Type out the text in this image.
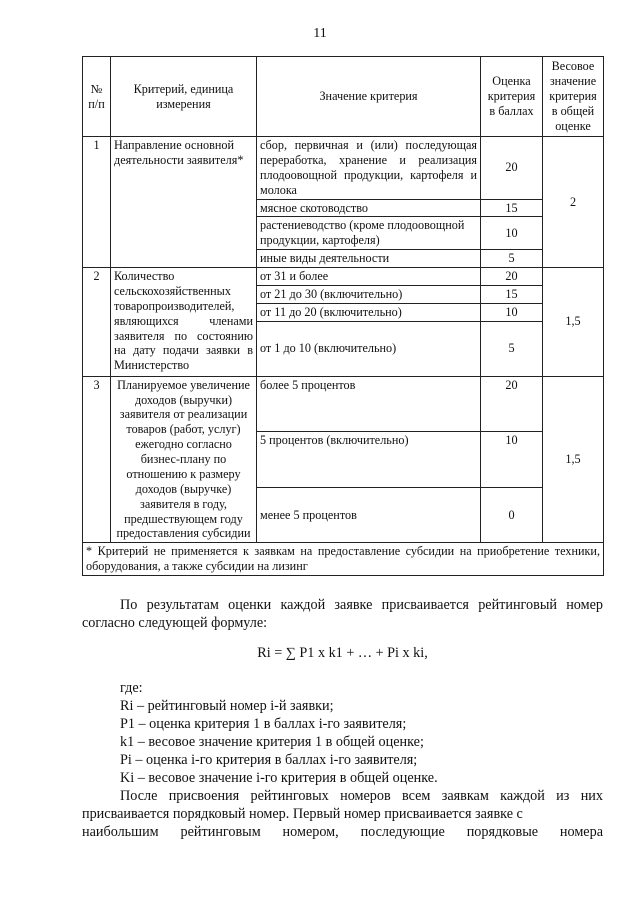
11
№ п/п	Критерий, единица измерения	Значение критерия	Оценка критерия в баллах	Весовое значение критерия в общей оценке
1	Направление основной деятельности заявителя*	сбор, первичная и (или) последующая переработка, хранение и реализация плодоовощной продукции, картофеля и молока	20	2
		мясное скотоводство	15	
		растениеводство (кроме плодоовощной продукции, картофеля)	10	
		иные виды деятельности	5	
2	Количество сельскохозяйственных товаропроизводителей, являющихся членами заявителя по состоянию на дату подачи заявки в Министерство	от 31 и более	20	1,5
		от 21 до 30 (включительно)	15	
		от 11 до 20 (включительно)	10	
		от 1 до 10 (включительно)	5	
3	Планируемое увеличение доходов (выручки) заявителя от реализации товаров (работ, услуг) ежегодно согласно бизнес-плану по отношению к размеру доходов (выручке) заявителя в году, предшествующем году предоставления субсидии	более 5 процентов	20	1,5
		5 процентов (включительно)	10	
		менее 5 процентов	0	
* Критерий не применяется к заявкам на предоставление субсидии на приобретение техники, оборудования, а также субсидии на лизинг				
По результатам оценки каждой заявке присваивается рейтинговый номер согласно следующей формуле:
Ri = ∑ P1 x k1 + … + Pi x ki,
где:
Ri – рейтинговый номер i-й заявки;
P1 – оценка критерия 1 в баллах i-го заявителя;
k1 – весовое значение критерия 1 в общей оценке;
Pi – оценка i-го критерия в баллах i-го заявителя;
Ki – весовое значение i-го критерия в общей оценке.
После присвоения рейтинговых номеров всем заявкам каждой из них присваивается порядковый номер. Первый номер присваивается заявке с
наибольшим рейтинговым номером, последующие порядковые номера
